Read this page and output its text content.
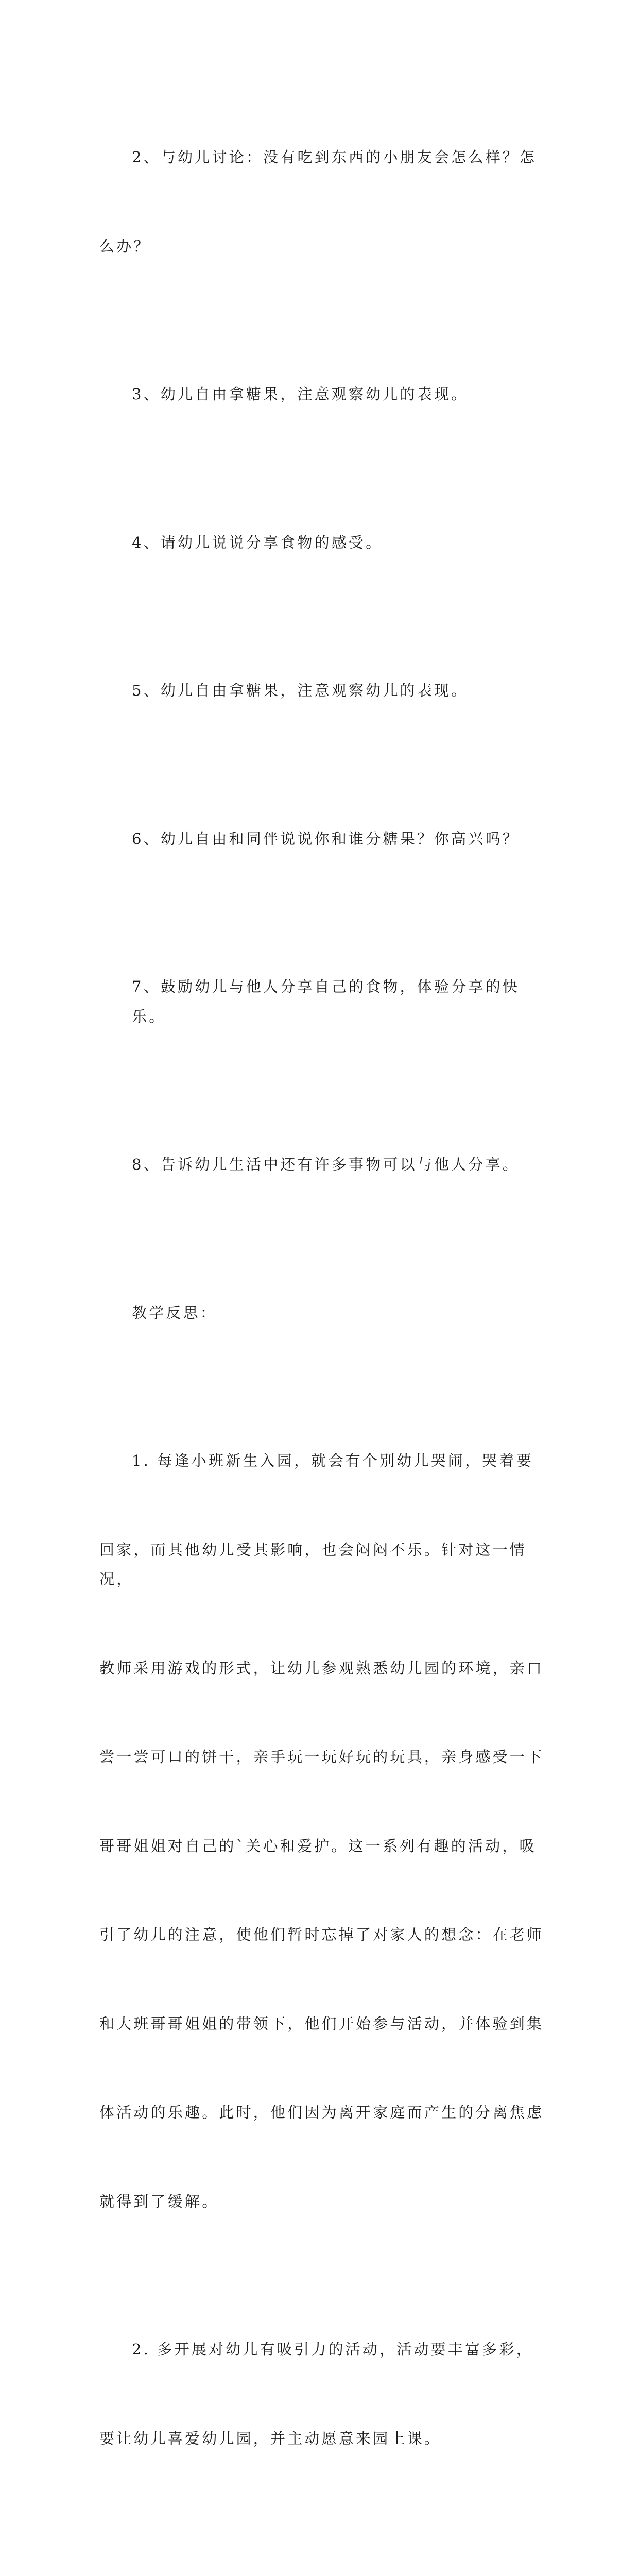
2、与幼儿讨论：没有吃到东西的小朋友会怎么样？怎

么办？

3、幼儿自由拿糖果，注意观察幼儿的表现。

4、请幼儿说说分享食物的感受。

5、幼儿自由拿糖果，注意观察幼儿的表现。

6、幼儿自由和同伴说说你和谁分糖果？你高兴吗？

7、鼓励幼儿与他人分享自己的食物，体验分享的快乐。

8、告诉幼儿生活中还有许多事物可以与他人分享。

教学反思：

1. 每逢小班新生入园，就会有个别幼儿哭闹，哭着要

回家，而其他幼儿受其影响，也会闷闷不乐。针对这一情况，

教师采用游戏的形式，让幼儿参观熟悉幼儿园的环境，亲口

尝一尝可口的饼干，亲手玩一玩好玩的玩具，亲身感受一下

哥哥姐姐对自己的`关心和爱护。这一系列有趣的活动，吸

引了幼儿的注意，使他们暂时忘掉了对家人的想念：在老师

和大班哥哥姐姐的带领下，他们开始参与活动，并体验到集

体活动的乐趣。此时，他们因为离开家庭而产生的分离焦虑

就得到了缓解。

2. 多开展对幼儿有吸引力的活动，活动要丰富多彩，

要让幼儿喜爱幼儿园，并主动愿意来园上课。
